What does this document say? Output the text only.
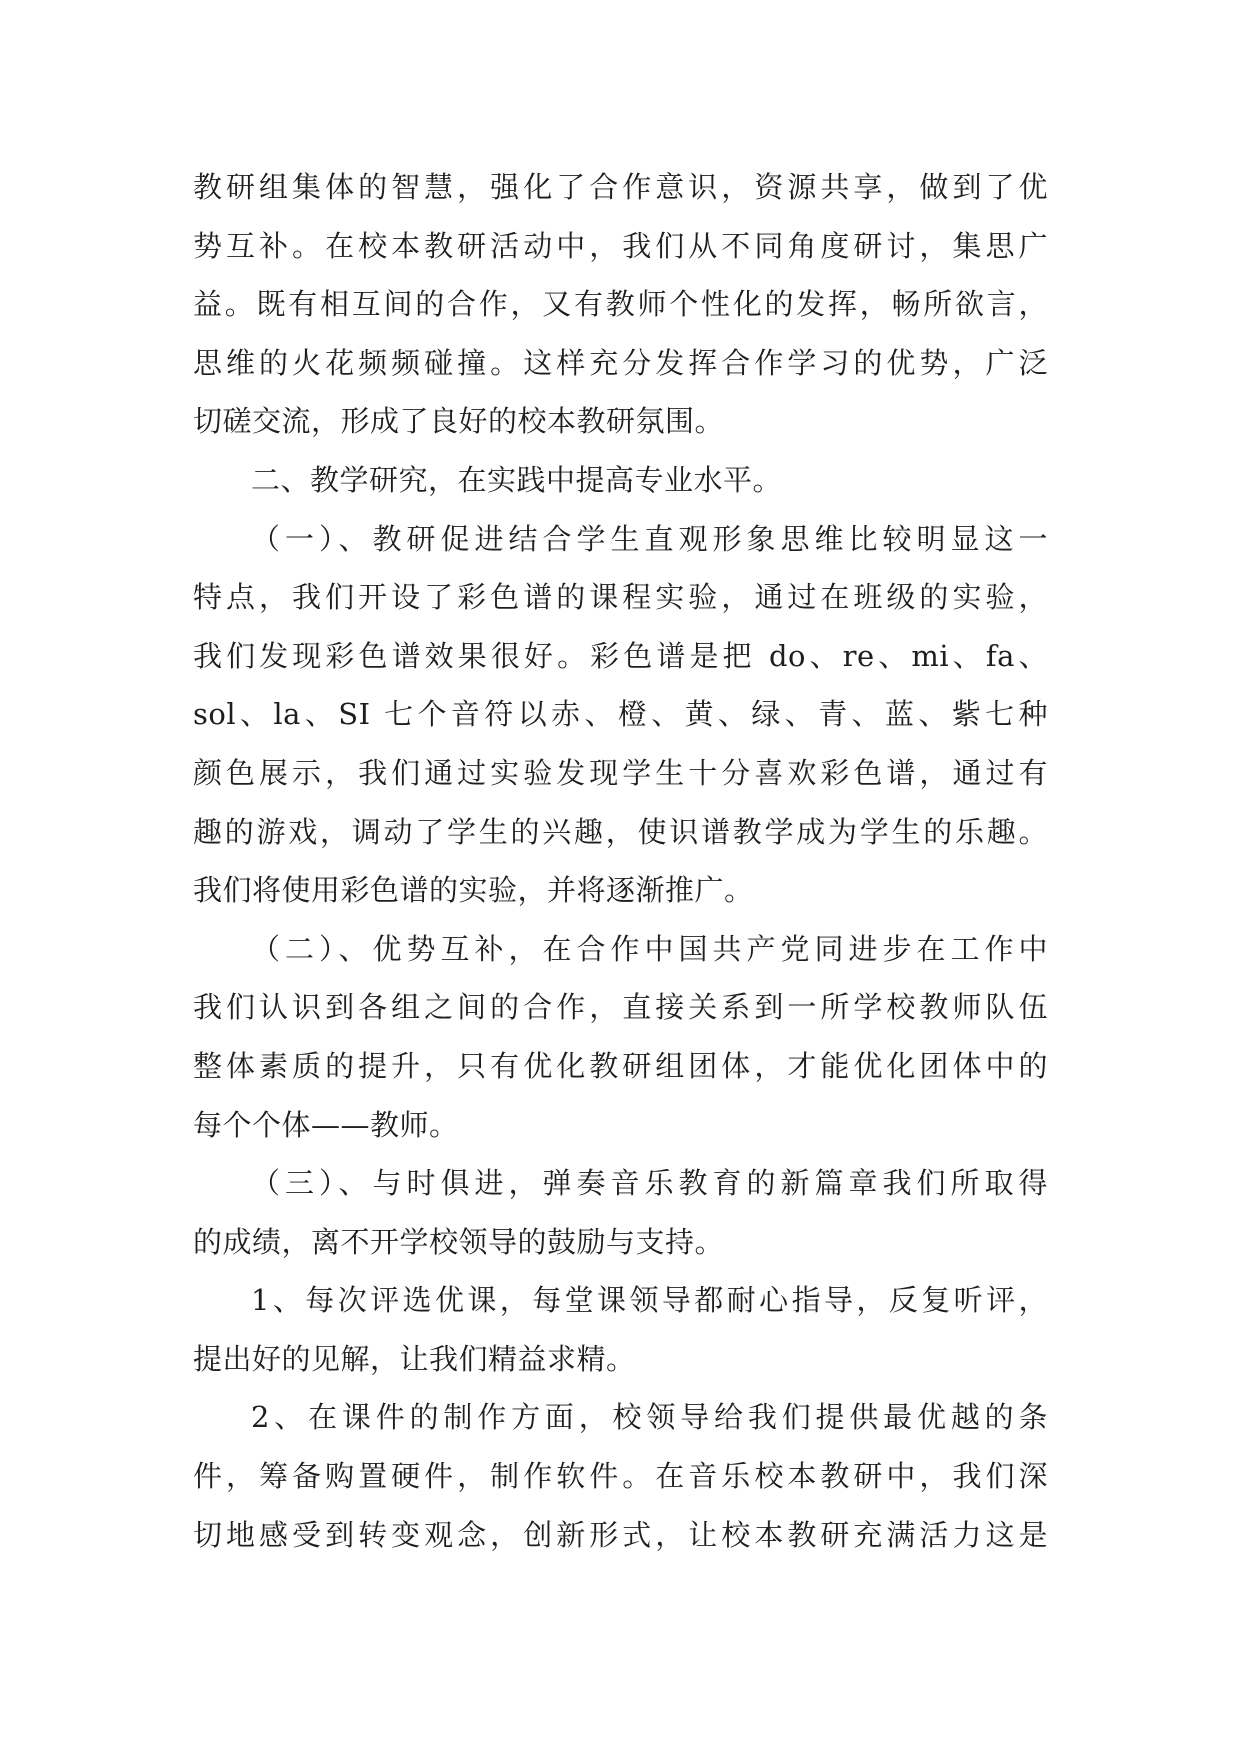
教研组集体的智慧，强化了合作意识，资源共享，做到了优
势互补。在校本教研活动中，我们从不同角度研讨，集思广
益。既有相互间的合作，又有教师个性化的发挥，畅所欲言，
思维的火花频频碰撞。这样充分发挥合作学习的优势，广泛
切磋交流，形成了良好的校本教研氛围。
二、教学研究，在实践中提高专业水平。
（一）、教研促进结合学生直观形象思维比较明显这一
特点，我们开设了彩色谱的课程实验，通过在班级的实验，
我们发现彩色谱效果很好。彩色谱是把 do、re、mi、fa、
sol、la、SI 七个音符以赤、橙、黄、绿、青、蓝、紫七种
颜色展示，我们通过实验发现学生十分喜欢彩色谱，通过有
趣的游戏，调动了学生的兴趣，使识谱教学成为学生的乐趣。
我们将使用彩色谱的实验，并将逐渐推广。
（二）、优势互补，在合作中国共产党同进步在工作中
我们认识到各组之间的合作，直接关系到一所学校教师队伍
整体素质的提升，只有优化教研组团体，才能优化团体中的
每个个体——教师。
（三）、与时俱进，弹奏音乐教育的新篇章我们所取得
的成绩，离不开学校领导的鼓励与支持。
1、每次评选优课，每堂课领导都耐心指导，反复听评，
提出好的见解，让我们精益求精。
2、在课件的制作方面，校领导给我们提供最优越的条
件，筹备购置硬件，制作软件。在音乐校本教研中，我们深
切地感受到转变观念，创新形式，让校本教研充满活力这是
